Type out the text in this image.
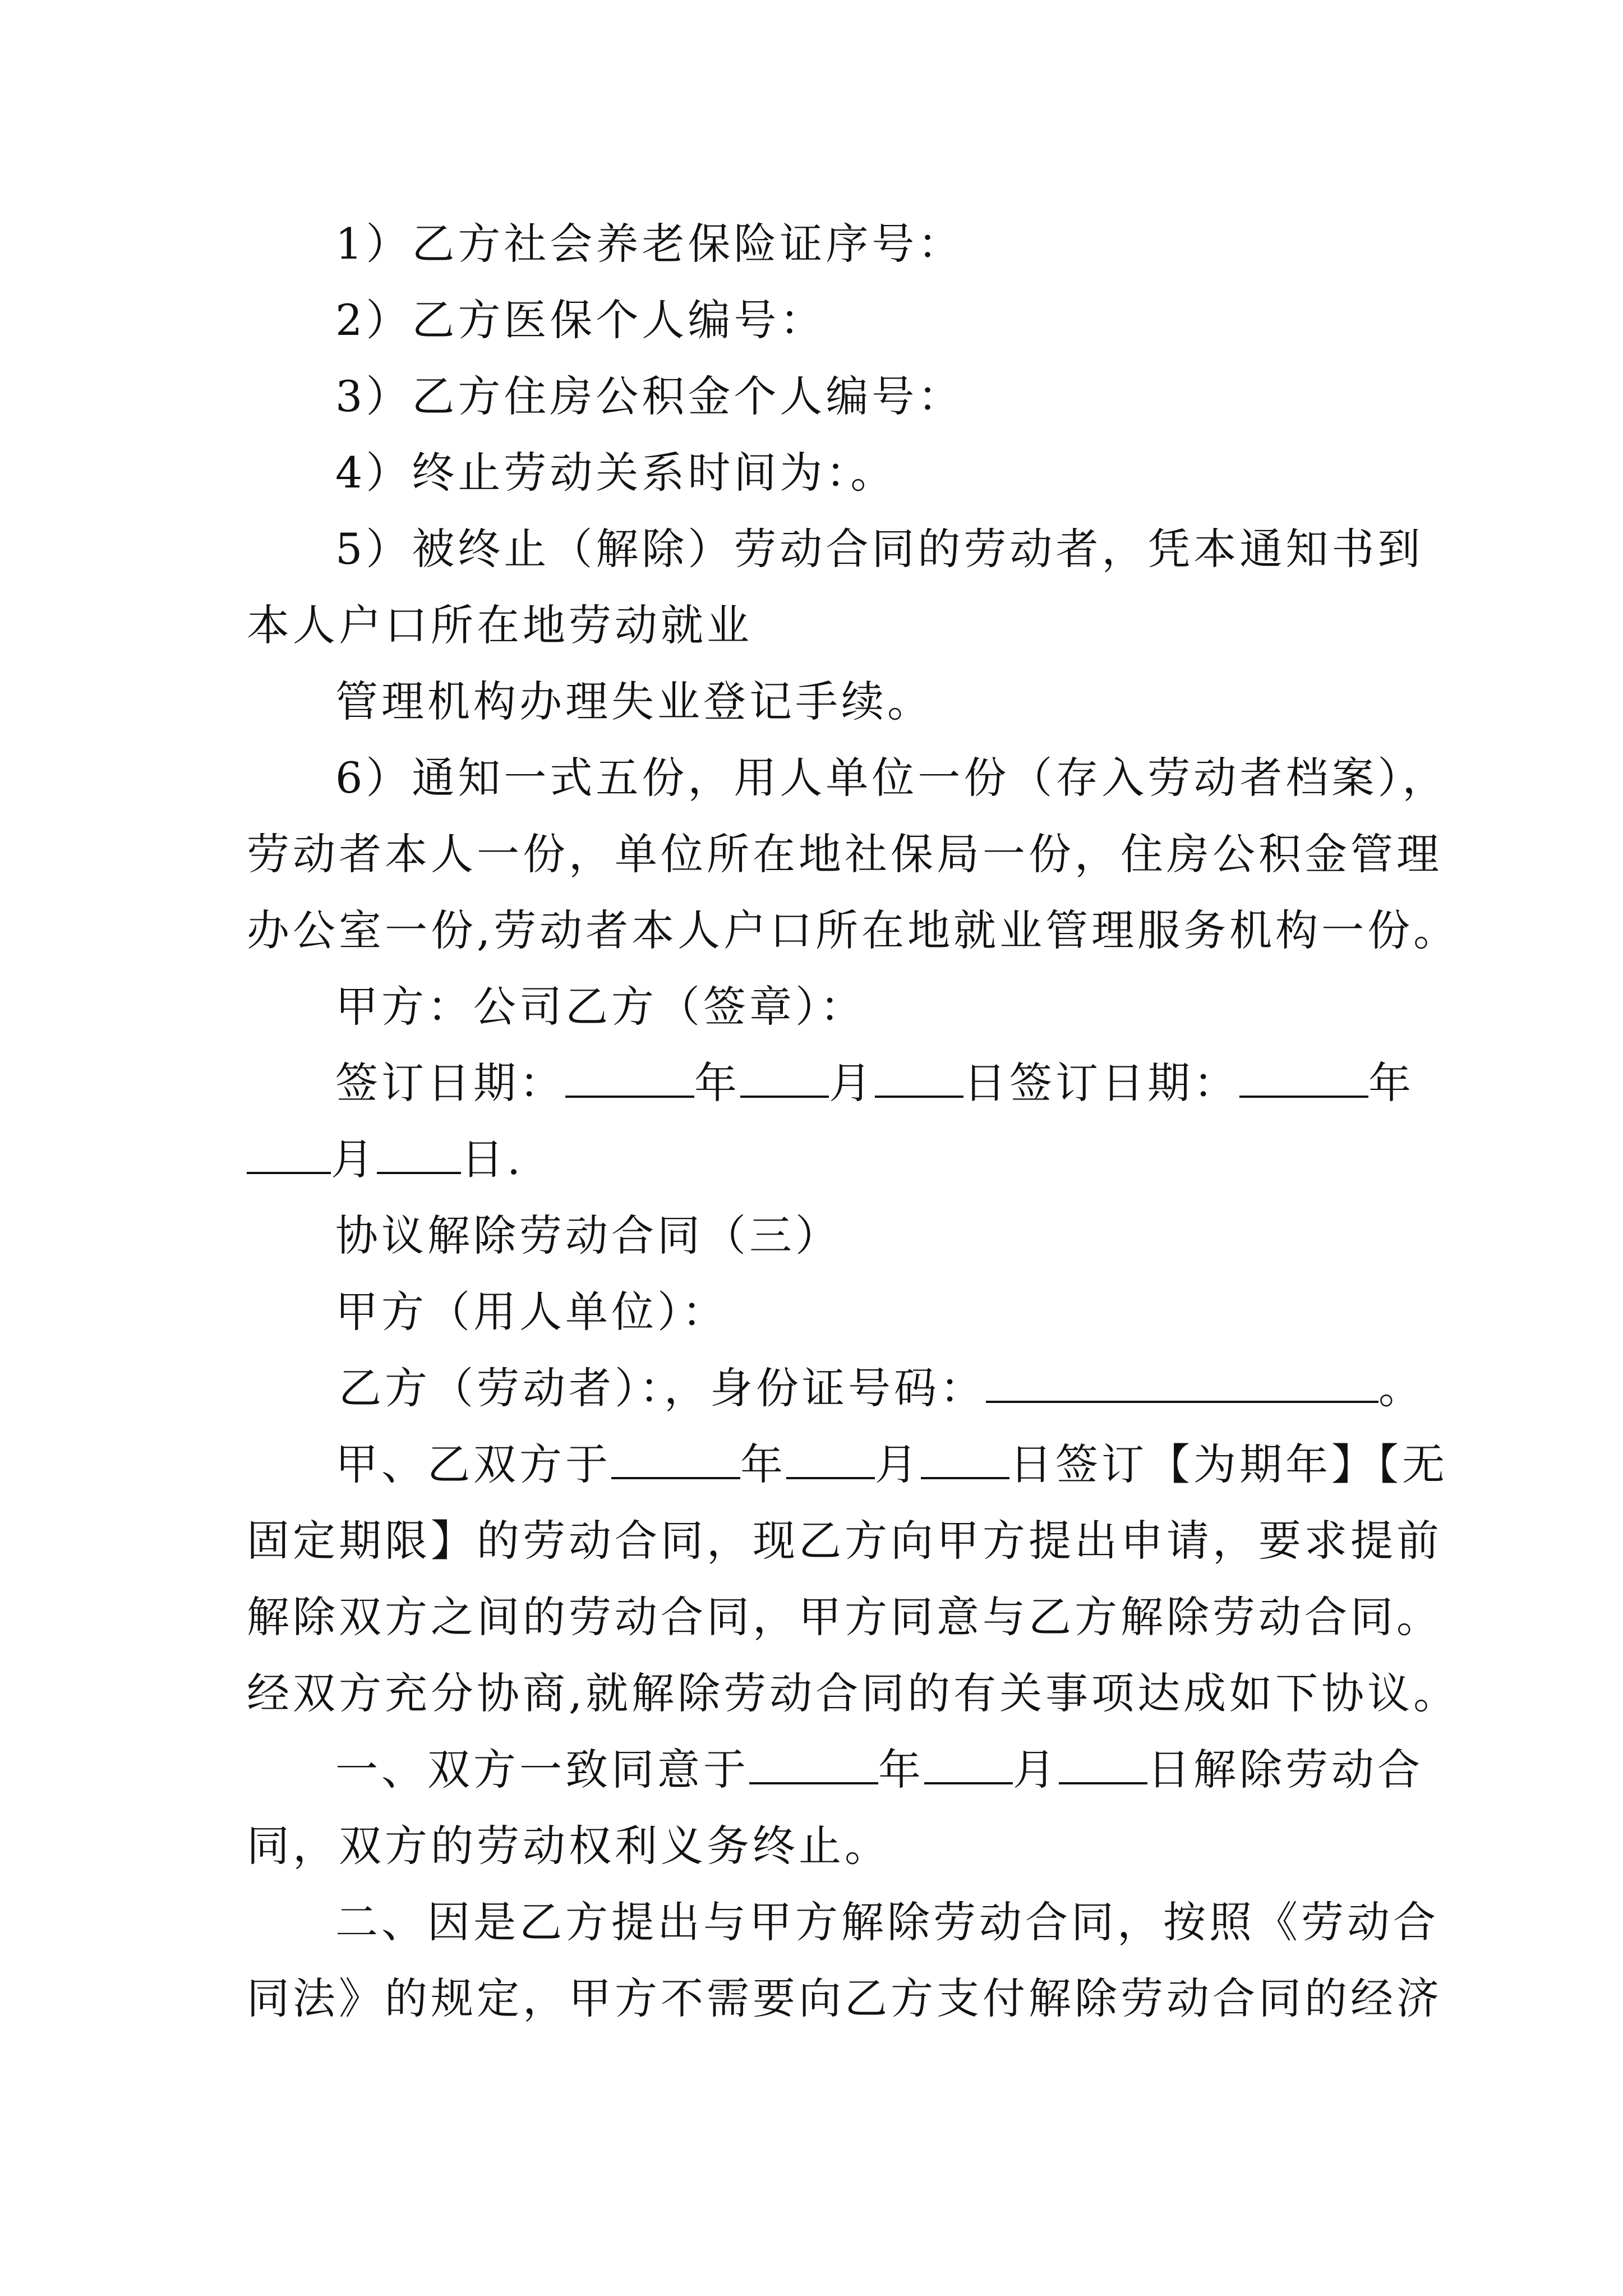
1）乙方社会养老保险证序号：
2）乙方医保个人编号：
3）乙方住房公积金个人编号：
4）终止劳动关系时间为：。
5）被终止（解除）劳动合同的劳动者，凭本通知书到
本人户口所在地劳动就业
管理机构办理失业登记手续。
6）通知一式五份，用人单位一份（存入劳动者档案），
劳动者本人一份，单位所在地社保局一份，住房公积金管理
办公室一份,劳动者本人户口所在地就业管理服务机构一份。
甲方：公司乙方（签章）：
签订日期：	年 月 日签订日期：	年
月 日.
协议解除劳动合同（三）
甲方（用人单位）：
乙方（劳动者）：，身份证号码：	。
甲、乙双方于	年 月 日签订【为期年】【无
固定期限】的劳动合同，现乙方向甲方提出申请，要求提前
解除双方之间的劳动合同，甲方同意与乙方解除劳动合同。
经双方充分协商,就解除劳动合同的有关事项达成如下协议。
一、双方一致同意于	年 月 日解除劳动合
同，双方的劳动权利义务终止。
二、因是乙方提出与甲方解除劳动合同，按照《劳动合
同法》的规定，甲方不需要向乙方支付解除劳动合同的经济
